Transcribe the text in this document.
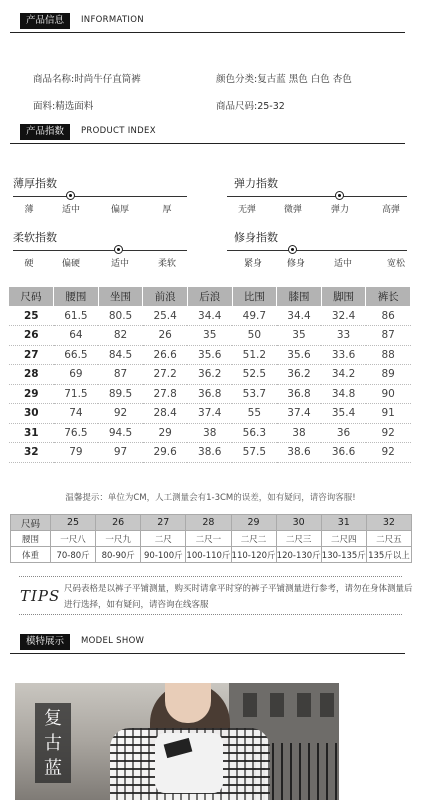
产品信息	INFORMATION
商品名称:时尚牛仔直筒裤	颜色分类:复古蓝 黑色 白色 杏色
面料:精选面料	商品尺码:25-32
产品指数	PRODUCT INDEX
薄厚指数
薄	适中	偏厚	厚
弹力指数
无弹	微弹	弹力	高弹
柔软指数
硬	偏硬	适中	柔软
修身指数
紧身	修身	适中	宽松
尺码	腰围	坐围	前浪	后浪	比围	膝围	脚围	裤长
25	61.5	80.5	25.4	34.4	49.7	34.4	32.4	86
26	64	82	26	35	50	35	33	87
27	66.5	84.5	26.6	35.6	51.2	35.6	33.6	88
28	69	87	27.2	36.2	52.5	36.2	34.2	89
29	71.5	89.5	27.8	36.8	53.7	36.8	34.8	90
30	74	92	28.4	37.4	55	37.4	35.4	91
31	76.5	94.5	29	38	56.3	38	36	92
32	79	97	29.6	38.6	57.5	38.6	36.6	92
温馨提示：单位为CM，人工测量会有1-3CM的误差，如有疑问，请咨询客服!
尺码	25	26	27	28	29	30	31	32
腰围	一尺八	一尺九	二尺	二尺一	二尺二	二尺三	二尺四	二尺五
体重	70-80斤	80-90斤	90-100斤	100-110斤	110-120斤	120-130斤	130-135斤	135斤以上
TIPS 尺码表格是以裤子平铺测量，购买时请拿平时穿的裤子平铺测量进行参考，请勿在身体测量后进行选择，如有疑问，请咨询在线客服
模特展示	MODEL SHOW
复古蓝
